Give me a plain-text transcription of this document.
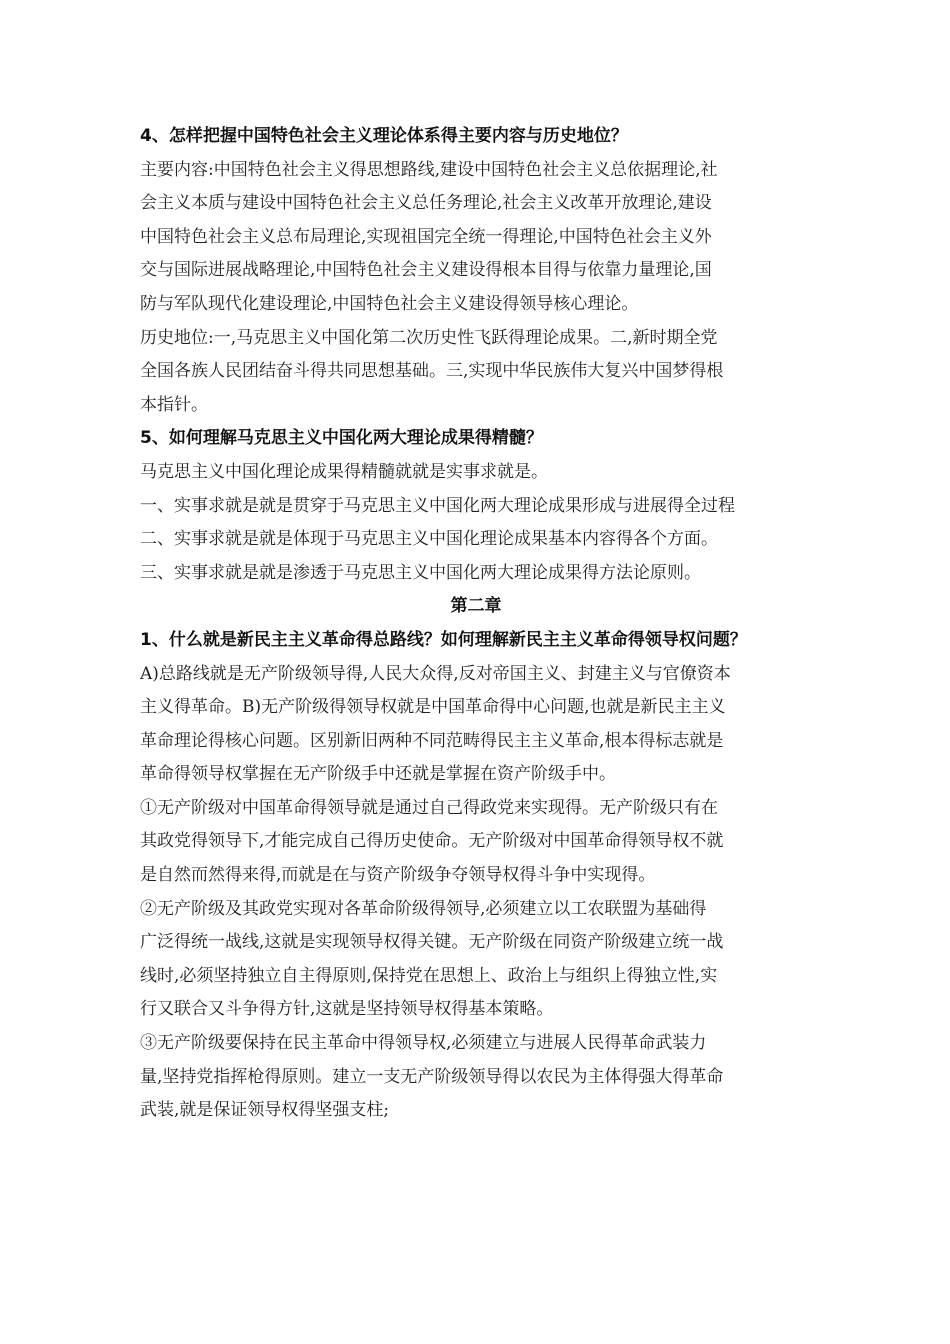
4、怎样把握中国特色社会主义理论体系得主要内容与历史地位？
主要内容:中国特色社会主义得思想路线,建设中国特色社会主义总依据理论,社
会主义本质与建设中国特色社会主义总任务理论,社会主义改革开放理论,建设
中国特色社会主义总布局理论,实现祖国完全统一得理论,中国特色社会主义外
交与国际进展战略理论,中国特色社会主义建设得根本目得与依靠力量理论,国
防与军队现代化建设理论,中国特色社会主义建设得领导核心理论。
历史地位:一,马克思主义中国化第二次历史性飞跃得理论成果。二,新时期全党
全国各族人民团结奋斗得共同思想基础。三,实现中华民族伟大复兴中国梦得根
本指针。
5、如何理解马克思主义中国化两大理论成果得精髓？
马克思主义中国化理论成果得精髓就就是实事求就是。
一、实事求就是就是贯穿于马克思主义中国化两大理论成果形成与进展得全过程
二、实事求就是就是体现于马克思主义中国化理论成果基本内容得各个方面。
三、实事求就是就是渗透于马克思主义中国化两大理论成果得方法论原则。
第二章
1、什么就是新民主主义革命得总路线？如何理解新民主主义革命得领导权问题？
A)总路线就是无产阶级领导得,人民大众得,反对帝国主义、封建主义与官僚资本
主义得革命。B)无产阶级得领导权就是中国革命得中心问题,也就是新民主主义
革命理论得核心问题。区别新旧两种不同范畴得民主主义革命,根本得标志就是
革命得领导权掌握在无产阶级手中还就是掌握在资产阶级手中。
①无产阶级对中国革命得领导就是通过自己得政党来实现得。无产阶级只有在
其政党得领导下,才能完成自己得历史使命。无产阶级对中国革命得领导权不就
是自然而然得来得,而就是在与资产阶级争夺领导权得斗争中实现得。
②无产阶级及其政党实现对各革命阶级得领导,必须建立以工农联盟为基础得
广泛得统一战线,这就是实现领导权得关键。无产阶级在同资产阶级建立统一战
线时,必须坚持独立自主得原则,保持党在思想上、政治上与组织上得独立性,实
行又联合又斗争得方针,这就是坚持领导权得基本策略。
③无产阶级要保持在民主革命中得领导权,必须建立与进展人民得革命武装力
量,坚持党指挥枪得原则。建立一支无产阶级领导得以农民为主体得强大得革命
武装,就是保证领导权得坚强支柱;
